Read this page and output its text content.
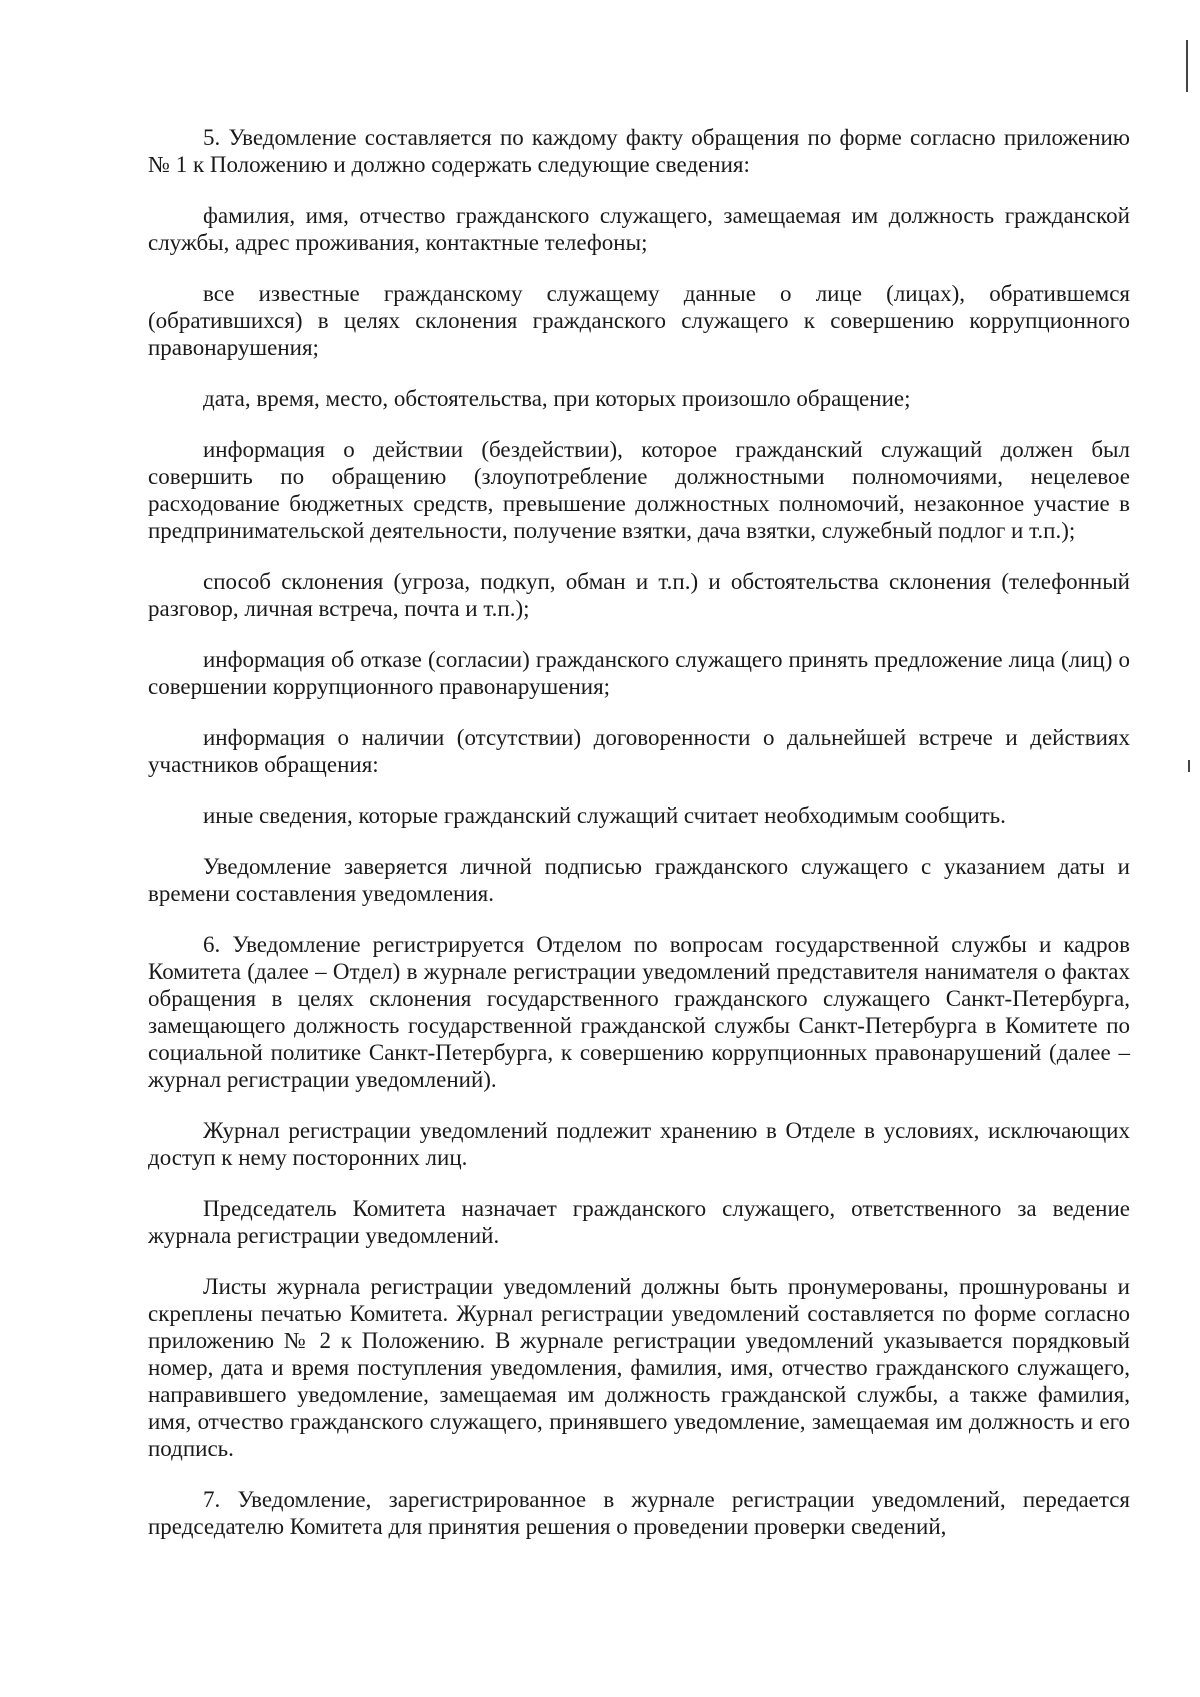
5. Уведомление составляется по каждому факту обращения по форме согласно приложению № 1 к Положению и должно содержать следующие сведения:

фамилия, имя, отчество гражданского служащего, замещаемая им должность гражданской службы, адрес проживания, контактные телефоны;

все известные гражданскому служащему данные о лице (лицах), обратившемся (обратившихся) в целях склонения гражданского служащего к совершению коррупционного правонарушения;

дата, время, место, обстоятельства, при которых произошло обращение;

информация о действии (бездействии), которое гражданский служащий должен был совершить по обращению (злоупотребление должностными полномочиями, нецелевое расходование бюджетных средств, превышение должностных полномочий, незаконное участие в предпринимательской деятельности, получение взятки, дача взятки, служебный подлог и т.п.);

способ склонения (угроза, подкуп, обман и т.п.) и обстоятельства склонения (телефонный разговор, личная встреча, почта и т.п.);

информация об отказе (согласии) гражданского служащего принять предложение лица (лиц) о совершении коррупционного правонарушения;

информация о наличии (отсутствии) договоренности о дальнейшей встрече и действиях участников обращения:

иные сведения, которые гражданский служащий считает необходимым сообщить.

Уведомление заверяется личной подписью гражданского служащего с указанием даты и времени составления уведомления.

6. Уведомление регистрируется Отделом по вопросам государственной службы и кадров Комитета (далее – Отдел) в журнале регистрации уведомлений представителя нанимателя о фактах обращения в целях склонения государственного гражданского служащего Санкт-Петербурга, замещающего должность государственной гражданской службы Санкт-Петербурга в Комитете по социальной политике Санкт-Петербурга, к совершению коррупционных правонарушений (далее – журнал регистрации уведомлений).

Журнал регистрации уведомлений подлежит хранению в Отделе в условиях, исключающих доступ к нему посторонних лиц.

Председатель Комитета назначает гражданского служащего, ответственного за ведение журнала регистрации уведомлений.

Листы журнала регистрации уведомлений должны быть пронумерованы, прошнурованы и скреплены печатью Комитета. Журнал регистрации уведомлений составляется по форме согласно приложению № 2 к Положению. В журнале регистрации уведомлений указывается порядковый номер, дата и время поступления уведомления, фамилия, имя, отчество гражданского служащего, направившего уведомление, замещаемая им должность гражданской службы, а также фамилия, имя, отчество гражданского служащего, принявшего уведомление, замещаемая им должность и его подпись.

7. Уведомление, зарегистрированное в журнале регистрации уведомлений, передается председателю Комитета для принятия решения о проведении проверки сведений,
